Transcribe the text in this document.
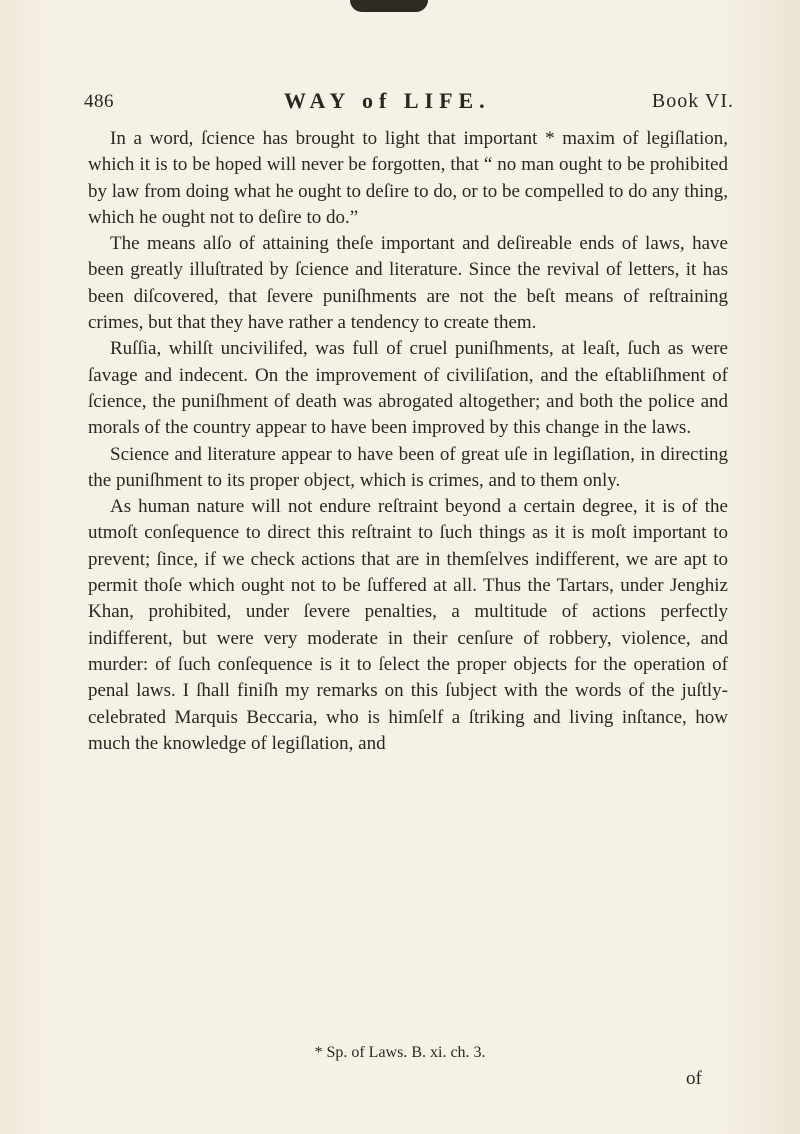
486	WAY of LIFE.	Book VI.

In a word, ſcience has brought to light that important * maxim of legiſlation, which it is to be hoped will never be forgotten, that “ no man ought to be prohibited by law from doing what he ought to deſire to do, or to be compelled to do any thing, which he ought not to deſire to do.”

The means alſo of attaining theſe important and deſireable ends of laws, have been greatly illuſtrated by ſcience and literature. Since the revival of letters, it has been diſcovered, that ſevere puniſhments are not the beſt means of reſtraining crimes, but that they have rather a tendency to create them.

Ruſſia, whilſt uncivilifed, was full of cruel puniſhments, at leaſt, ſuch as were ſavage and indecent. On the improvement of civiliſation, and the eſtabliſhment of ſcience, the puniſhment of death was abrogated altogether; and both the police and morals of the country appear to have been improved by this change in the laws.

Science and literature appear to have been of great uſe in legiſlation, in directing the puniſhment to its proper object, which is crimes, and to them only.

As human nature will not endure reſtraint beyond a certain degree, it is of the utmoſt conſequence to direct this reſtraint to ſuch things as it is moſt important to prevent; ſince, if we check actions that are in themſelves indifferent, we are apt to permit thoſe which ought not to be ſuffered at all. Thus the Tartars, under Jenghiz Khan, prohibited, under ſevere penalties, a multitude of actions perfectly indifferent, but were very moderate in their cenſure of robbery, violence, and murder: of ſuch conſequence is it to ſelect the proper objects for the operation of penal laws. I ſhall finiſh my remarks on this ſubject with the words of the juſtly-celebrated Marquis Beccaria, who is himſelf a ſtriking and living inſtance, how much the knowledge of legiſlation, and

* Sp. of Laws. B. xi. ch. 3.
of
